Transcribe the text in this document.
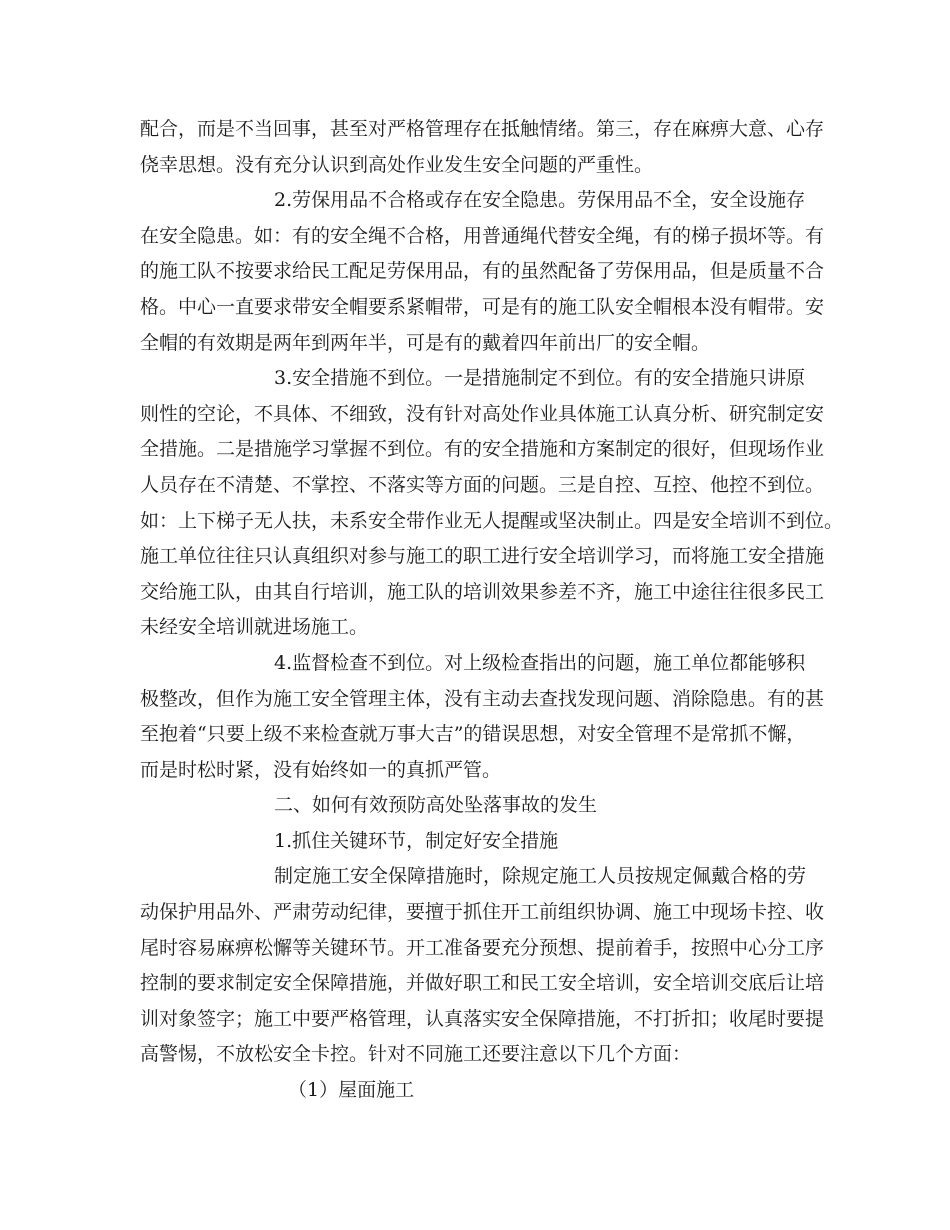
配合，而是不当回事，甚至对严格管理存在抵触情绪。第三，存在麻痹大意、心存
侥幸思想。没有充分认识到高处作业发生安全问题的严重性。
2.劳保用品不合格或存在安全隐患。劳保用品不全，安全设施存
在安全隐患。如：有的安全绳不合格，用普通绳代替安全绳，有的梯子损坏等。有
的施工队不按要求给民工配足劳保用品，有的虽然配备了劳保用品，但是质量不合
格。中心一直要求带安全帽要系紧帽带，可是有的施工队安全帽根本没有帽带。安
全帽的有效期是两年到两年半，可是有的戴着四年前出厂的安全帽。
3.安全措施不到位。一是措施制定不到位。有的安全措施只讲原
则性的空论，不具体、不细致，没有针对高处作业具体施工认真分析、研究制定安
全措施。二是措施学习掌握不到位。有的安全措施和方案制定的很好，但现场作业
人员存在不清楚、不掌控、不落实等方面的问题。三是自控、互控、他控不到位。
如：上下梯子无人扶，未系安全带作业无人提醒或坚决制止。四是安全培训不到位。
施工单位往往只认真组织对参与施工的职工进行安全培训学习，而将施工安全措施
交给施工队，由其自行培训，施工队的培训效果参差不齐，施工中途往往很多民工
未经安全培训就进场施工。
4.监督检查不到位。对上级检查指出的问题，施工单位都能够积
极整改，但作为施工安全管理主体，没有主动去查找发现问题、消除隐患。有的甚
至抱着“只要上级不来检查就万事大吉”的错误思想，对安全管理不是常抓不懈，
而是时松时紧，没有始终如一的真抓严管。
二、如何有效预防高处坠落事故的发生
1.抓住关键环节，制定好安全措施
制定施工安全保障措施时，除规定施工人员按规定佩戴合格的劳
动保护用品外、严肃劳动纪律，要擅于抓住开工前组织协调、施工中现场卡控、收
尾时容易麻痹松懈等关键环节。开工准备要充分预想、提前着手，按照中心分工序
控制的要求制定安全保障措施，并做好职工和民工安全培训，安全培训交底后让培
训对象签字；施工中要严格管理，认真落实安全保障措施，不打折扣；收尾时要提
高警惕，不放松安全卡控。针对不同施工还要注意以下几个方面：
（1）屋面施工
